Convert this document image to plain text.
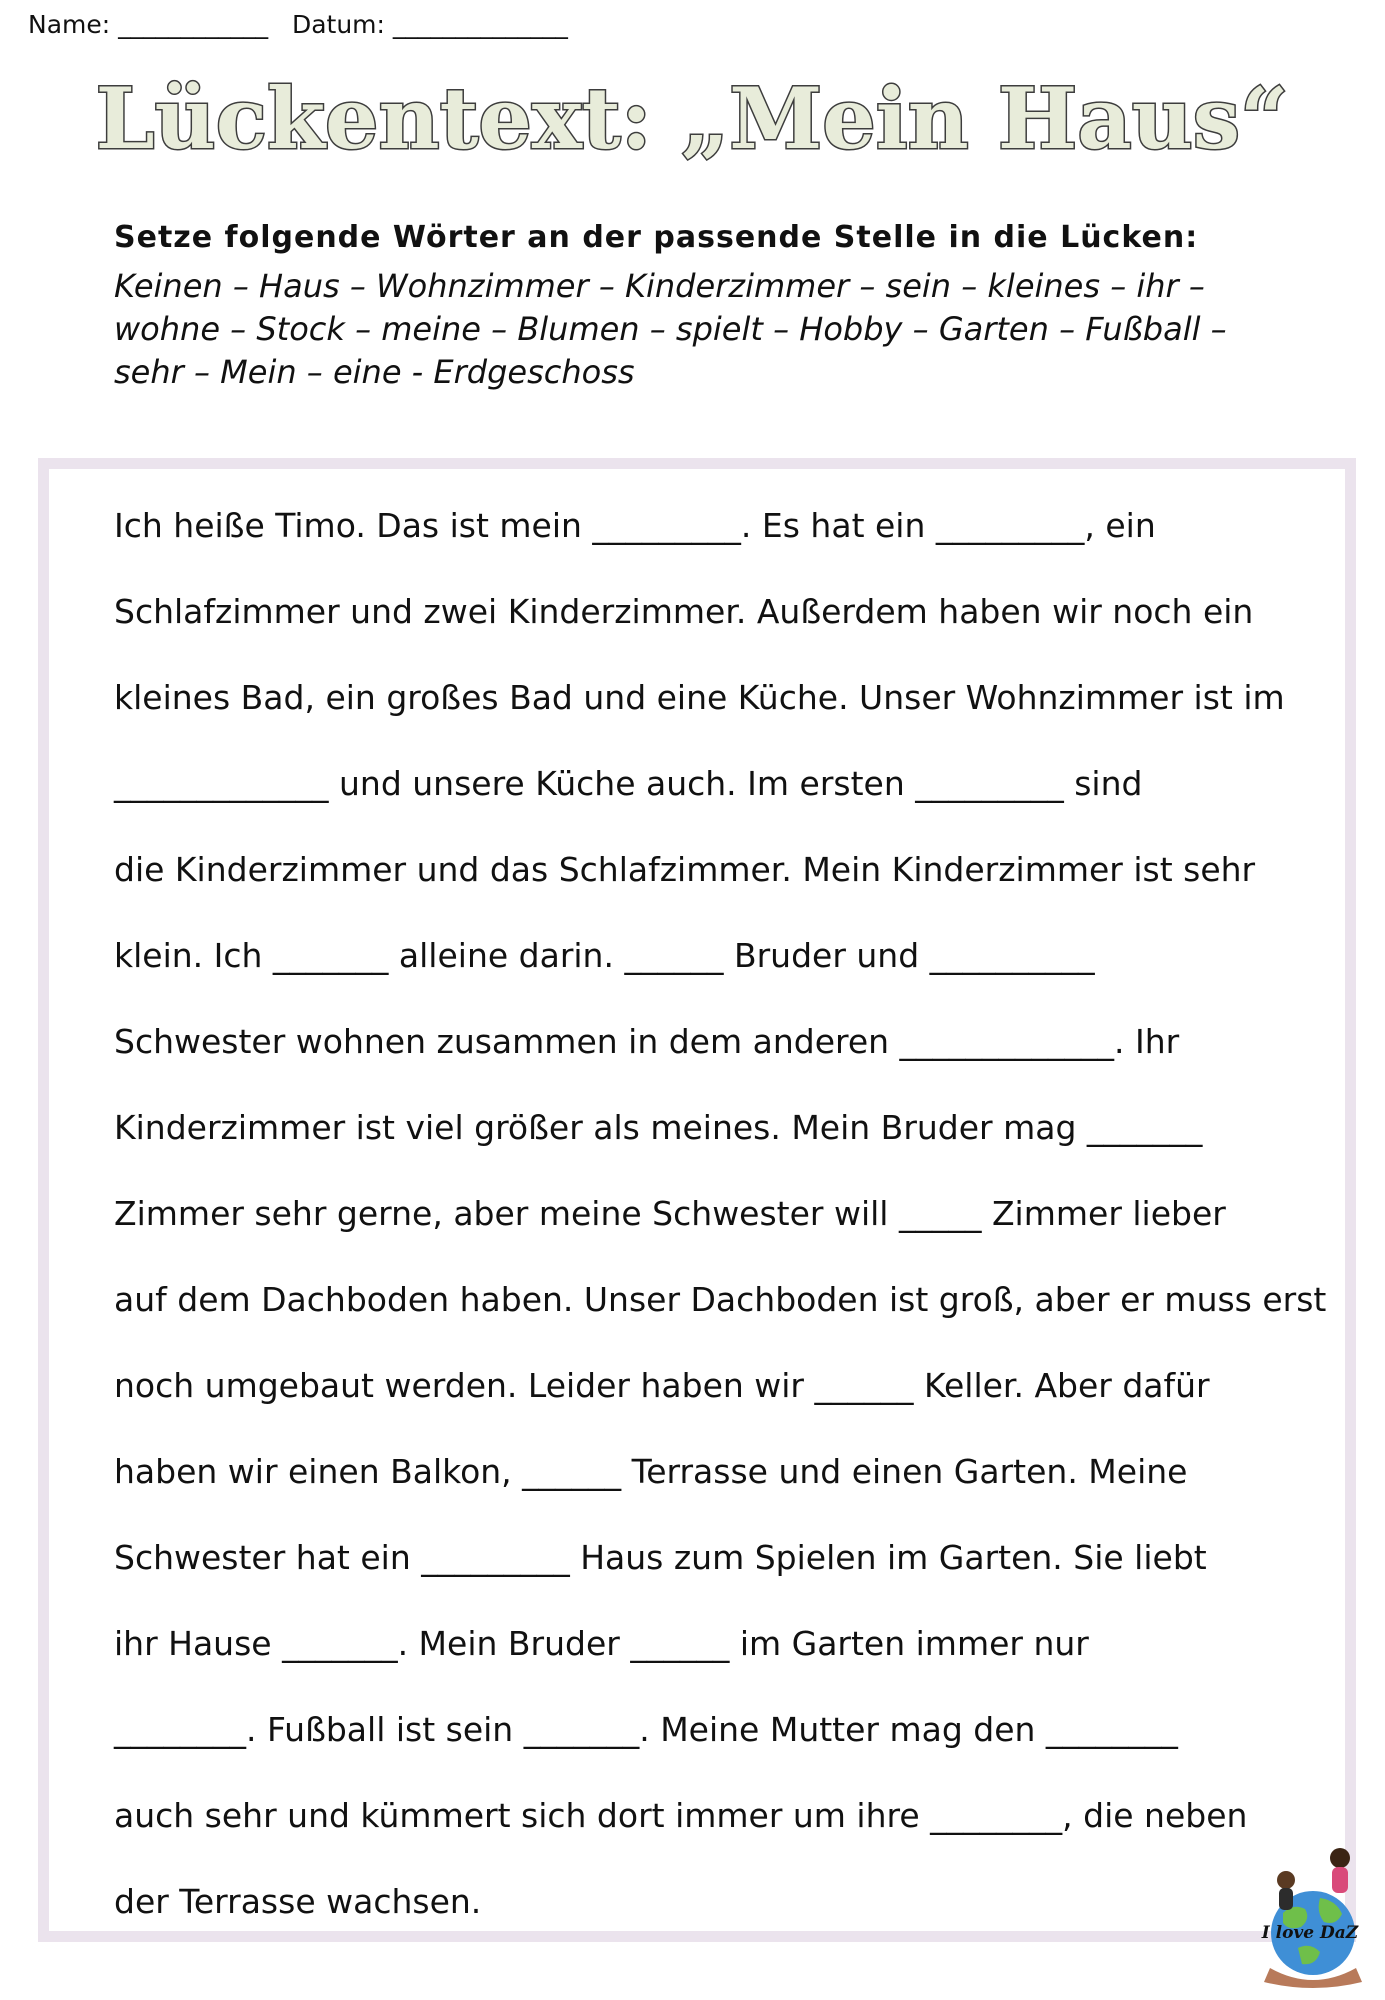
Name: ____________ Datum: ______________
Lückentext: „Mein Haus“
Setze folgende Wörter an der passende Stelle in die Lücken:
Keinen – Haus – Wohnzimmer – Kinderzimmer – sein – kleines – ihr –
wohne – Stock – meine – Blumen – spielt – Hobby – Garten – Fußball –
sehr – Mein – eine - Erdgeschoss
Ich heiße Timo. Das ist mein _________. Es hat ein _________, ein
Schlafzimmer und zwei Kinderzimmer. Außerdem haben wir noch ein
kleines Bad, ein großes Bad und eine Küche. Unser Wohnzimmer ist im
_____________ und unsere Küche auch. Im ersten _________ sind
die Kinderzimmer und das Schlafzimmer. Mein Kinderzimmer ist sehr
klein. Ich _______ alleine darin. ______ Bruder und __________
Schwester wohnen zusammen in dem anderen _____________. Ihr
Kinderzimmer ist viel größer als meines. Mein Bruder mag _______
Zimmer sehr gerne, aber meine Schwester will _____ Zimmer lieber
auf dem Dachboden haben. Unser Dachboden ist groß, aber er muss erst
noch umgebaut werden. Leider haben wir ______ Keller. Aber dafür
haben wir einen Balkon, ______ Terrasse und einen Garten. Meine
Schwester hat ein _________ Haus zum Spielen im Garten. Sie liebt
ihr Hause _______. Mein Bruder ______ im Garten immer nur
________. Fußball ist sein _______. Meine Mutter mag den ________
auch sehr und kümmert sich dort immer um ihre ________, die neben
der Terrasse wachsen.
I love DaZ
